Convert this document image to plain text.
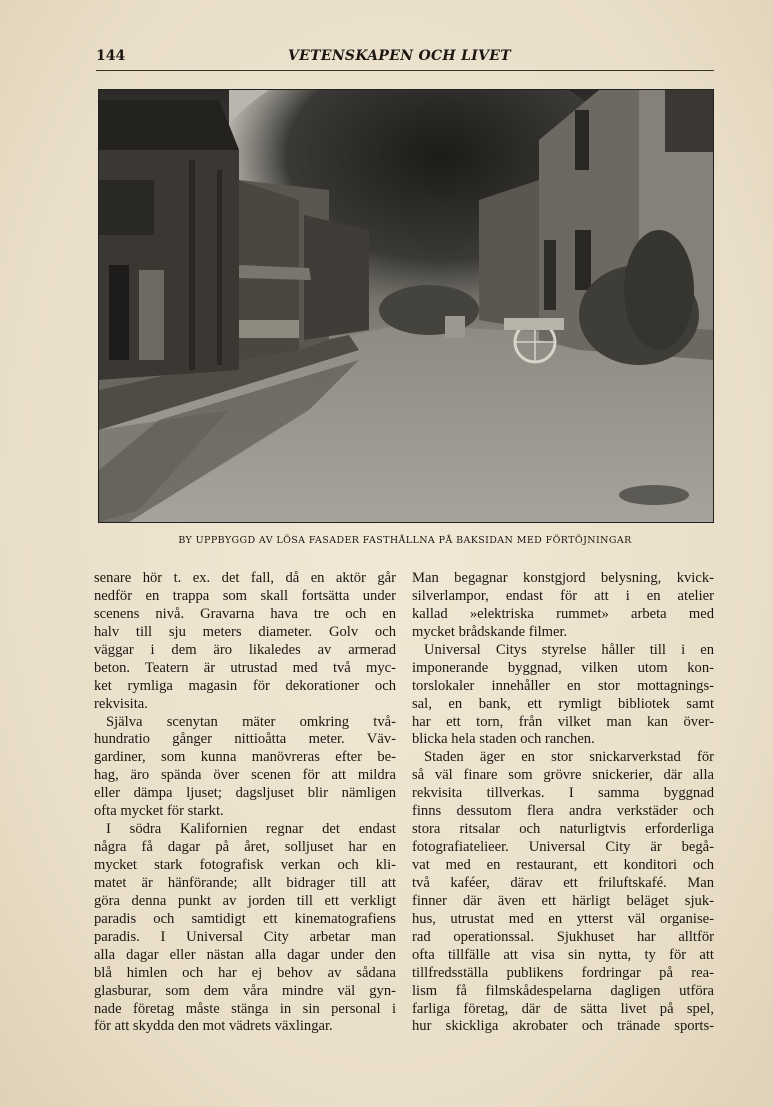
144	VETENSKAPEN OCH LIVET
BY UPPBYGGD AV LÖSA FASADER FASTHÅLLNA PÅ BAKSIDAN MED FÖRTÖJNINGAR
senare hör t. ex. det fall, då en aktör går
nedför en trappa som skall fortsätta under
scenens nivå. Gravarna hava tre och en
halv till sju meters diameter. Golv och
väggar i dem äro likaledes av armerad
beton. Teatern är utrustad med två myc-
ket rymliga magasin för dekorationer och
rekvisita.
Själva scenytan mäter omkring två-
hundratio gånger nittioåtta meter. Väv-
gardiner, som kunna manövreras efter be-
hag, äro spända över scenen för att mildra
eller dämpa ljuset; dagsljuset blir nämligen
ofta mycket för starkt.
I södra Kalifornien regnar det endast
några få dagar på året, solljuset har en
mycket stark fotografisk verkan och kli-
matet är hänförande; allt bidrager till att
göra denna punkt av jorden till ett verkligt
paradis och samtidigt ett kinematografiens
paradis. I Universal City arbetar man
alla dagar eller nästan alla dagar under den
blå himlen och har ej behov av sådana
glasburar, som dem våra mindre väl gyn-
nade företag måste stänga in sin personal i
för att skydda den mot vädrets växlingar.
Man begagnar konstgjord belysning, kvick-
silverlampor, endast för att i en atelier
kallad »elektriska rummet» arbeta med
mycket brådskande filmer.
Universal Citys styrelse håller till i en
imponerande byggnad, vilken utom kon-
torslokaler innehåller en stor mottagnings-
sal, en bank, ett rymligt bibliotek samt
har ett torn, från vilket man kan över-
blicka hela staden och ranchen.
Staden äger en stor snickarverkstad för
så väl finare som grövre snickerier, där alla
rekvisita tillverkas. I samma byggnad
finns dessutom flera andra verkstäder och
stora ritsalar och naturligtvis erforderliga
fotografiatelieer. Universal City är begå-
vat med en restaurant, ett konditori och
två kaféer, därav ett friluftskafé. Man
finner där även ett härligt beläget sjuk-
hus, utrustat med en ytterst väl organise-
rad operationssal. Sjukhuset har alltför
ofta tillfälle att visa sin nytta, ty för att
tillfredsställa publikens fordringar på rea-
lism få filmskådespelarna dagligen utföra
farliga företag, där de sätta livet på spel,
hur skickliga akrobater och tränade sports-
